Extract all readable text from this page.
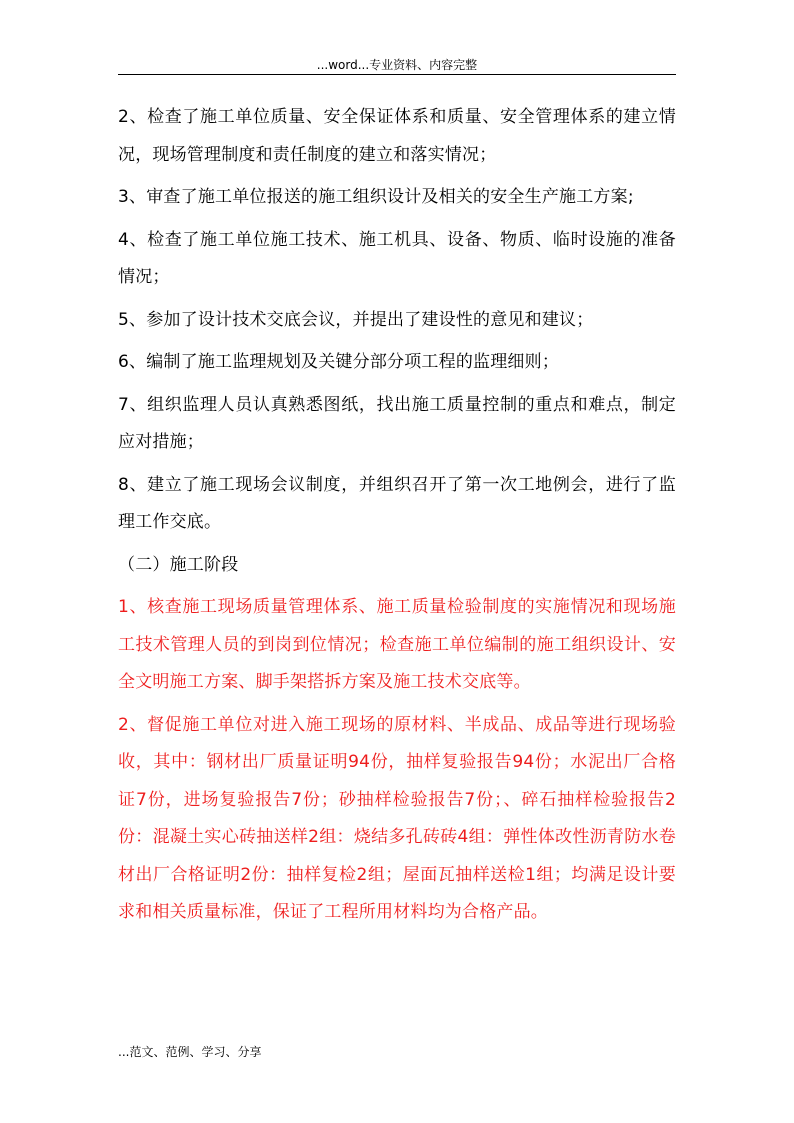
...word...专业资料、内容完整

2、检查了施工单位质量、安全保证体系和质量、安全管理体系的建立情况，现场管理制度和责任制度的建立和落实情况；

3、审查了施工单位报送的施工组织设计及相关的安全生产施工方案;

4、检查了施工单位施工技术、施工机具、设备、物质、临时设施的准备情况；

5、参加了设计技术交底会议，并提出了建设性的意见和建议；

6、编制了施工监理规划及关键分部分项工程的监理细则；

7、组织监理人员认真熟悉图纸，找出施工质量控制的重点和难点，制定应对措施；

8、建立了施工现场会议制度，并组织召开了第一次工地例会，进行了监理工作交底。

（二）施工阶段

1、核查施工现场质量管理体系、施工质量检验制度的实施情况和现场施工技术管理人员的到岗到位情况；检查施工单位编制的施工组织设计、安全文明施工方案、脚手架搭拆方案及施工技术交底等。

2、督促施工单位对进入施工现场的原材料、半成品、成品等进行现场验收，其中：钢材出厂质量证明94份，抽样复验报告94份；水泥出厂合格证7份，进场复验报告7份；砂抽样检验报告7份；、碎石抽样检验报告2份：混凝土实心砖抽送样2组：烧结多孔砖砖4组：弹性体改性沥青防水卷材出厂合格证明2份：抽样复检2组；屋面瓦抽样送检1组；均满足设计要求和相关质量标准，保证了工程所用材料均为合格产品。

...范文、范例、学习、分享
